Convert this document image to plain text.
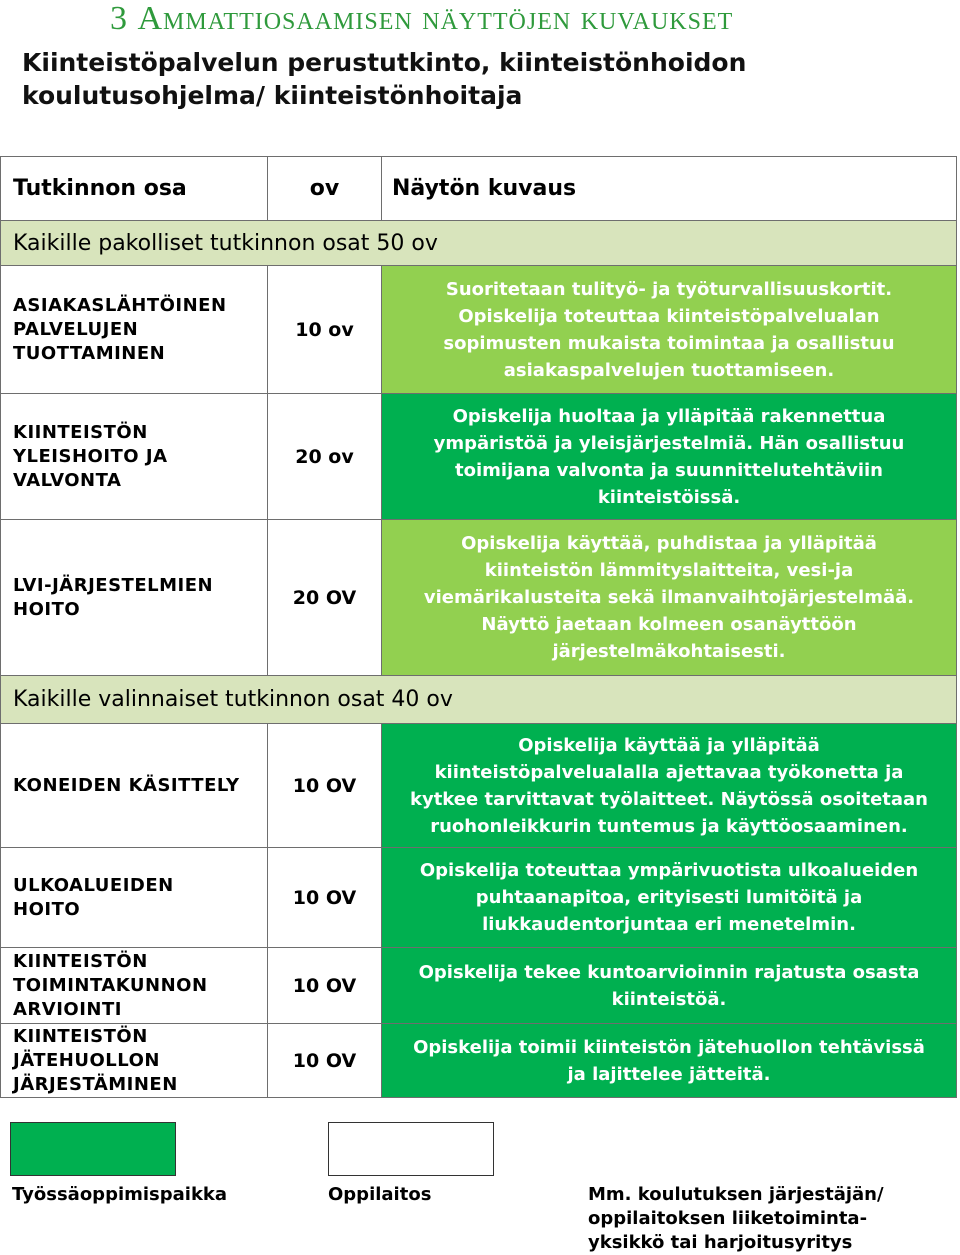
3 Ammattiosaamisen näyttöjen kuvaukset
Kiinteistöpalvelun perustutkinto, kiinteistönhoidon
koulutusohjelma/ kiinteistönhoitaja
Tutkinnon osa	ov	Näytön kuvaus
Kaikille pakolliset tutkinnon osat 50 ov		

ASIAKASLÄHTÖINEN
PALVELUJEN
TUOTTAMINEN	10 ov	Suoritetaan tulityö- ja työturvallisuuskortit. Opiskelija toteuttaa kiinteistöpalvelualan sopimusten mukaista toimintaa ja osallistuu asiakaspalvelujen tuottamiseen.

KIINTEISTÖN
YLEISHOITO JA
VALVONTA	20 ov	Opiskelija huoltaa ja ylläpitää rakennettua ympäristöä ja yleisjärjestelmiä. Hän osallistuu toimijana valvonta ja suunnittelutehtäviin kiinteistöissä.

LVI-JÄRJESTELMIEN
HOITO	20 OV	Opiskelija käyttää, puhdistaa ja ylläpitää kiinteistön lämmityslaitteita, vesi-ja viemärikalusteita sekä ilmanvaihtojärjestelmää. Näyttö jaetaan kolmeen osanäyttöön järjestelmäkohtaisesti.

Kaikille valinnaiset tutkinnon osat 40 ov		

KONEIDEN KÄSITTELY	10 OV	Opiskelija käyttää ja ylläpitää kiinteistöpalvelualalla ajettavaa työkonetta ja kytkee tarvittavat työlaitteet. Näytössä osoitetaan ruohonleikkurin tuntemus ja käyttöosaaminen.

ULKOALUEIDEN
HOITO	10 OV	Opiskelija toteuttaa ympärivuotista ulkoalueiden puhtaanapitoa, erityisesti lumitöitä ja liukkaudentorjuntaa eri menetelmin.

KIINTEISTÖN
TOIMINTAKUNNON
ARVIOINTI	10 OV	Opiskelija tekee kuntoarvioinnin rajatusta osasta kiinteistöä.

KIINTEISTÖN
JÄTEHUOLLON
JÄRJESTÄMINEN	10 OV	Opiskelija toimii kiinteistön jätehuollon tehtävissä ja lajittelee jätteitä.
Työssäoppimispaikka	Oppilaitos	Mm. koulutuksen järjestäjän/
oppilaitoksen liiketoiminta-
yksikkö tai harjoitusyritys
